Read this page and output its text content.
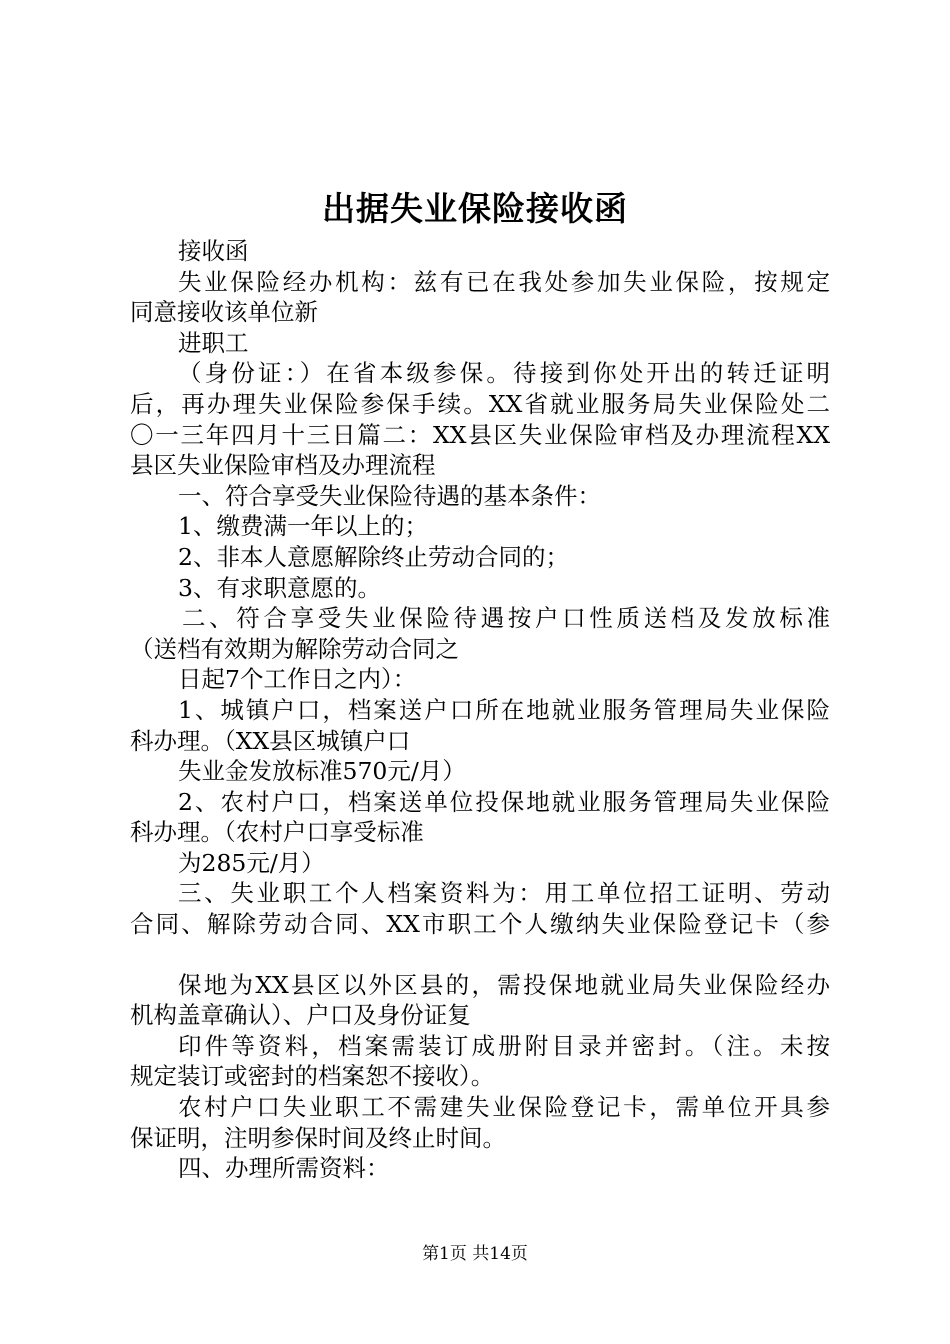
出据失业保险接收函

接收函

失业保险经办机构：兹有已在我处参加失业保险，按规定

同意接收该单位新

进职工

（身份证：）在省本级参保。待接到你处开出的转迁证明

后，再办理失业保险参保手续。XX省就业服务局失业保险处二

〇一三年四月十三日篇二：XX县区失业保险审档及办理流程XX

县区失业保险审档及办理流程

一、符合享受失业保险待遇的基本条件：

1、缴费满一年以上的；

2、非本人意愿解除终止劳动合同的；

3、有求职意愿的。

二、符合享受失业保险待遇按户口性质送档及发放标准

（送档有效期为解除劳动合同之

日起7个工作日之内）：

1、城镇户口，档案送户口所在地就业服务管理局失业保险

科办理。（XX县区城镇户口

失业金发放标准570元/月）

2、农村户口，档案送单位投保地就业服务管理局失业保险

科办理。（农村户口享受标准

为285元/月）

三、失业职工个人档案资料为：用工单位招工证明、劳动

合同、解除劳动合同、XX市职工个人缴纳失业保险登记卡（参

保地为XX县区以外区县的，需投保地就业局失业保险经办

机构盖章确认）、户口及身份证复

印件等资料，档案需装订成册附目录并密封。（注。未按

规定装订或密封的档案恕不接收）。

农村户口失业职工不需建失业保险登记卡，需单位开具参

保证明，注明参保时间及终止时间。

四、办理所需资料：

第1页 共14页
